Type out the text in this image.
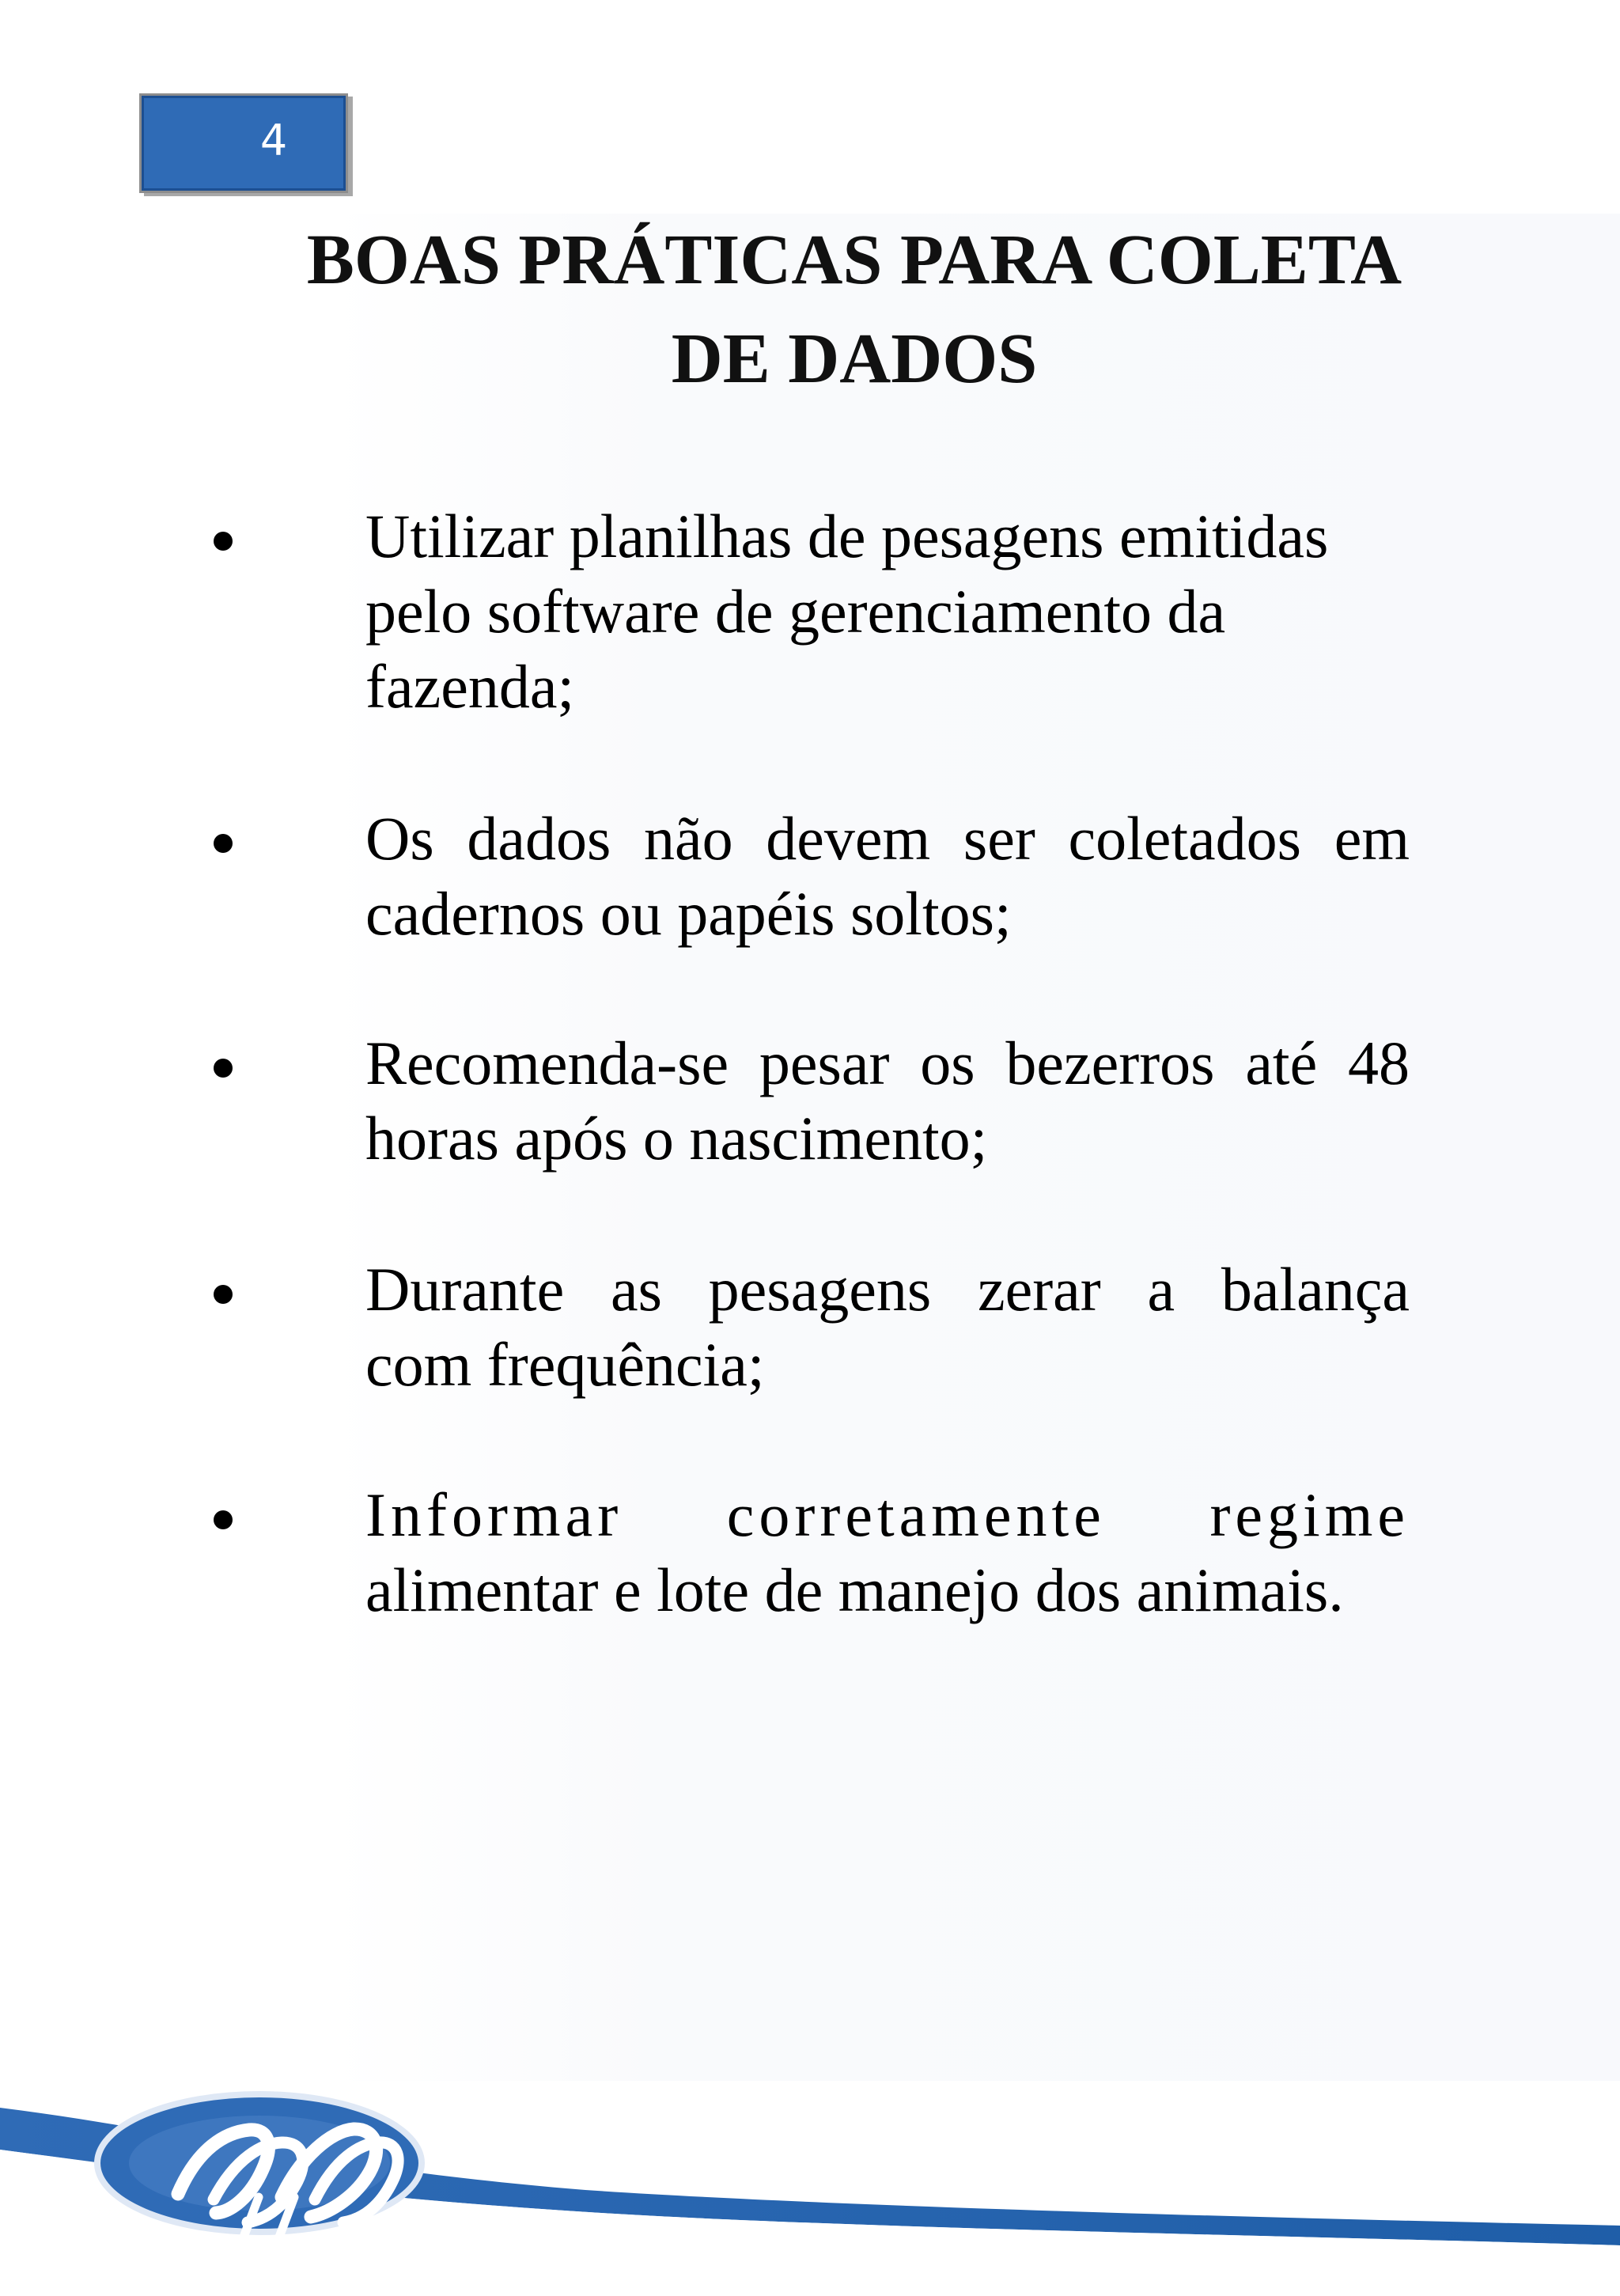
4
BOAS PRÁTICAS PARA COLETA
DE DADOS
Utilizar planilhas de pesagens emitidas
pelo software de gerenciamento da
fazenda;
Os dados não devem ser coletados em
cadernos ou papéis soltos;
Recomenda-se pesar os bezerros até 48
horas após o nascimento;
Durante as pesagens zerar a balança
com frequência;
Informar corretamente regime
alimentar e lote de manejo dos animais.
